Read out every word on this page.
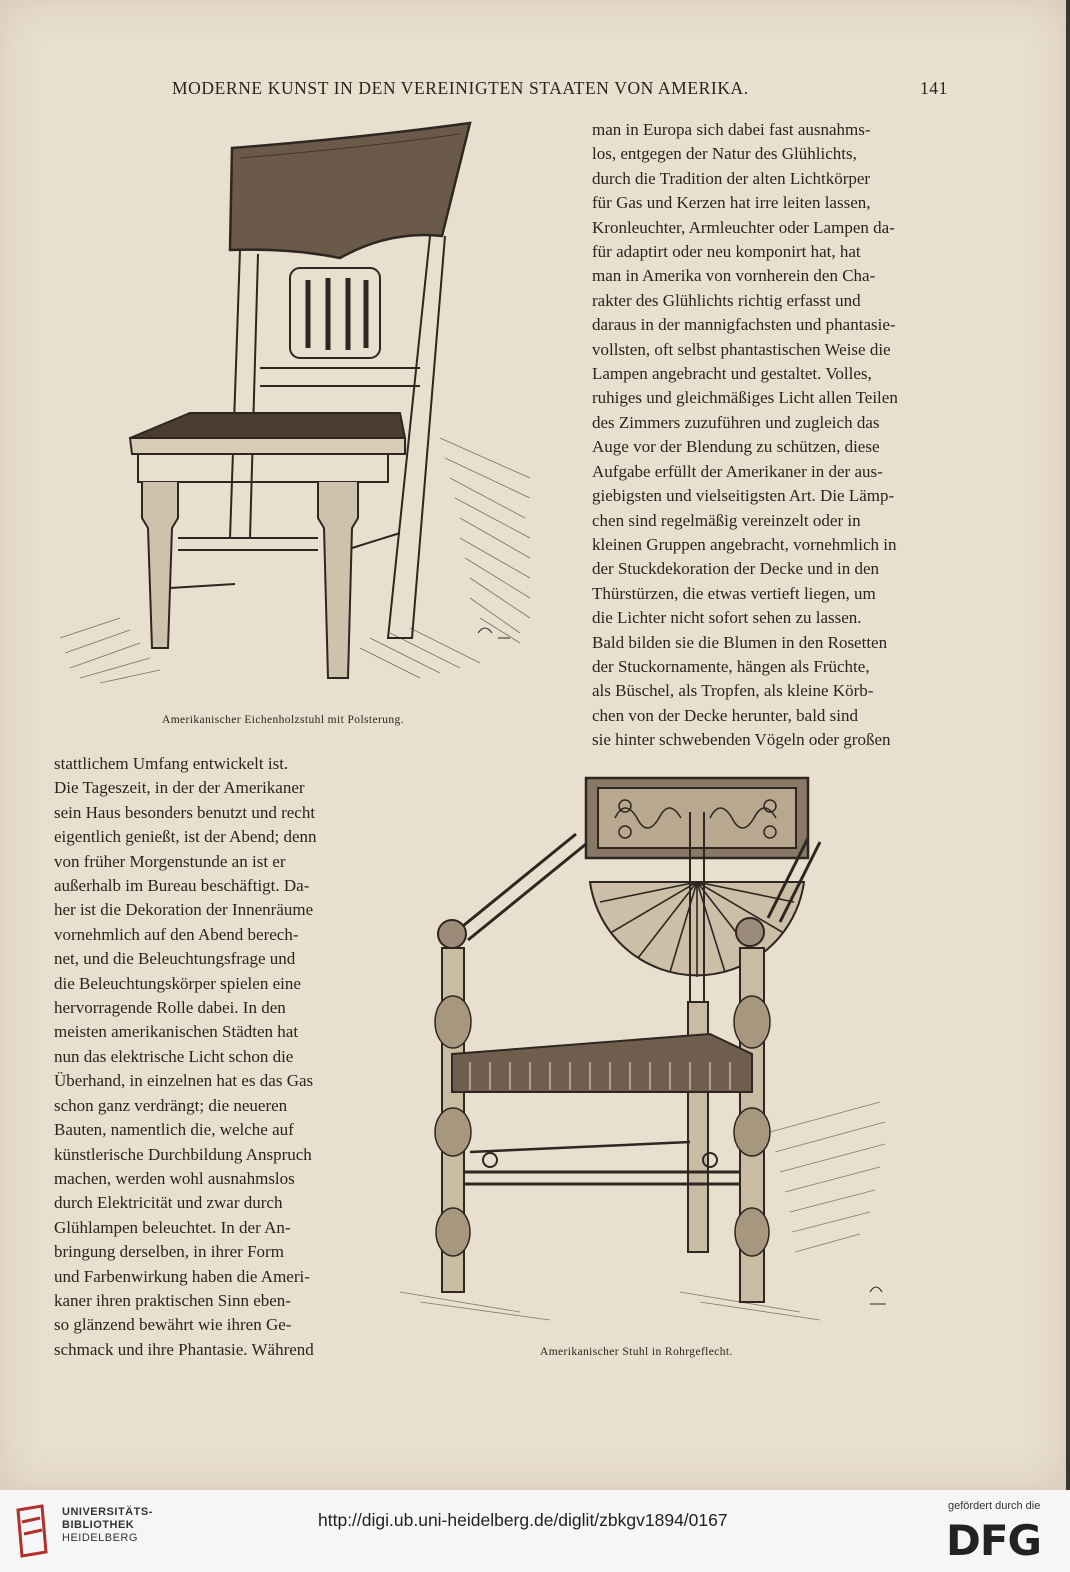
MODERNE KUNST IN DEN VEREINIGTEN STAATEN VON AMERIKA.	141
Amerikanischer Eichenholzstuhl mit Polsterung.

man in Europa sich dabei fast ausnahms-

los, entgegen der Natur des Glühlichts,

durch die Tradition der alten Lichtkörper

für Gas und Kerzen hat irre leiten lassen,

Kronleuchter, Armleuchter oder Lampen da-

für adaptirt oder neu komponirt hat, hat

man in Amerika von vornherein den Cha-

rakter des Glühlichts richtig erfasst und

daraus in der mannigfachsten und phantasie-

vollsten, oft selbst phantastischen Weise die

Lampen angebracht und gestaltet. Volles,

ruhiges und gleichmäßiges Licht allen Teilen

des Zimmers zuzuführen und zugleich das

Auge vor der Blendung zu schützen, diese

Aufgabe erfüllt der Amerikaner in der aus-

giebigsten und vielseitigsten Art. Die Lämp-

chen sind regelmäßig vereinzelt oder in

kleinen Gruppen angebracht, vornehmlich in

der Stuckdekoration der Decke und in den

Thürstürzen, die etwas vertieft liegen, um

die Lichter nicht sofort sehen zu lassen.

Bald bilden sie die Blumen in den Rosetten

der Stuckornamente, hängen als Früchte,

als Büschel, als Tropfen, als kleine Körb-

chen von der Decke herunter, bald sind

sie hinter schwebenden Vögeln oder großen

stattlichem Umfang entwickelt ist.

Die Tageszeit, in der der Amerikaner

sein Haus besonders benutzt und recht

eigentlich genießt, ist der Abend; denn

von früher Morgenstunde an ist er

außerhalb im Bureau beschäftigt. Da-

her ist die Dekoration der Innenräume

vornehmlich auf den Abend berech-

net, und die Beleuchtungsfrage und

die Beleuchtungskörper spielen eine

hervorragende Rolle dabei. In den

meisten amerikanischen Städten hat

nun das elektrische Licht schon die

Überhand, in einzelnen hat es das Gas

schon ganz verdrängt; die neueren

Bauten, namentlich die, welche auf

künstlerische Durchbildung Anspruch

machen, werden wohl ausnahmslos

durch Elektricität und zwar durch

Glühlampen beleuchtet. In der An-

bringung derselben, in ihrer Form

und Farbenwirkung haben die Ameri-

kaner ihren praktischen Sinn eben-

so glänzend bewährt wie ihren Ge-

schmack und ihre Phantasie. Während	Amerikanischer Stuhl in Rohrgeflecht.
UNIVERSITÄTS-
BIBLIOTHEK
HEIDELBERG
http://digi.ub.uni-heidelberg.de/diglit/zbkgv1894/0167
gefördert durch die
DFG
